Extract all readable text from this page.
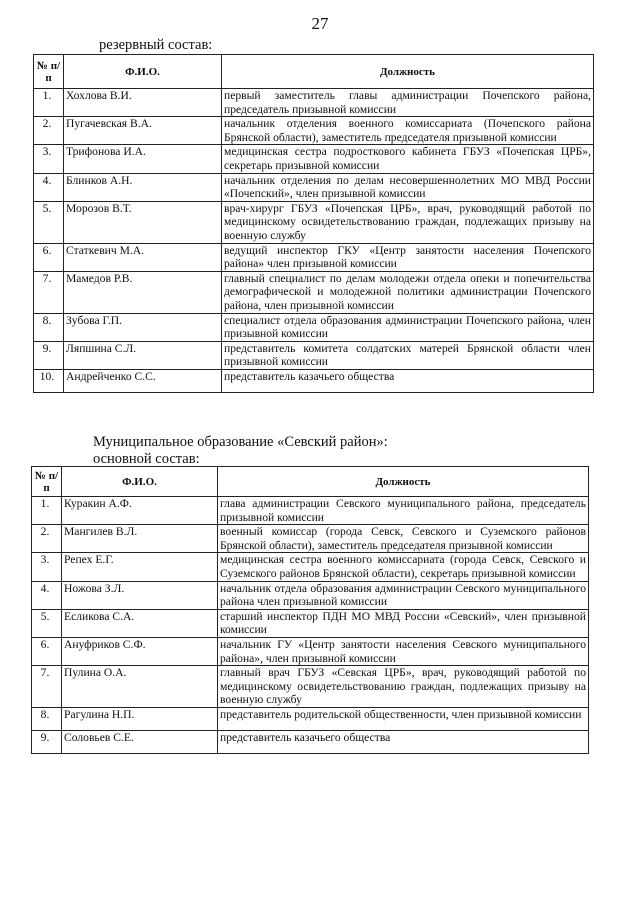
27
резервный состав:
№ п/п	Ф.И.О.	Должность
1.	Хохлова В.И.	первый заместитель главы администрации Почепского района, председатель призывной комиссии
2.	Пугачевская В.А.	начальник отделения военного комиссариата (Почепского района Брянской области), заместитель председателя призывной комиссии
3.	Трифонова И.А.	медицинская сестра подросткового кабинета ГБУЗ «Почепская ЦРБ», секретарь призывной комиссии
4.	Блинков А.Н.	начальник отделения по делам несовершеннолетних МО МВД России «Почепский», член призывной комиссии
5.	Морозов В.Т.	врач-хирург ГБУЗ «Почепская ЦРБ», врач, руководящий работой по медицинскому освидетельствованию граждан, подлежащих призыву на военную службу
6.	Статкевич М.А.	ведущий инспектор ГКУ «Центр занятости населения Почепского района» член призывной комиссии
7.	Мамедов Р.В.	главный специалист по делам молодежи отдела опеки и попечительства демографической и молодежной политики администрации Почепского района, член призывной комиссии
8.	Зубова Г.П.	специалист отдела образования администрации Почепского района, член призывной комиссии
9.	Ляпшина С.Л.	представитель комитета солдатских матерей Брянской области член призывной комиссии
10.	Андрейченко С.С.	представитель казачьего общества
Муниципальное образование «Севский район»:
основной состав:
№ п/п	Ф.И.О.	Должность
1.	Куракин А.Ф.	глава администрации Севского муниципального района, председатель призывной комиссии
2.	Мангилев В.Л.	военный комиссар (города Севск, Севского и Суземского районов Брянской области), заместитель председателя призывной комиссии
3.	Репех Е.Г.	медицинская сестра военного комиссариата (города Севск, Севского и Суземского районов Брянской области), секретарь призывной комиссии
4.	Ножова З.Л.	начальник отдела образования администрации Севского муниципального района член призывной комиссии
5.	Есликова С.А.	старший инспектор ПДН МО МВД России «Севский», член призывной комиссии
6.	Ануфриков С.Ф.	начальник ГУ «Центр занятости населения Севского муниципального района», член призывной комиссии
7.	Пулина О.А.	главный врач ГБУЗ «Севская ЦРБ», врач, руководящий работой по медицинскому освидетельствованию граждан, подлежащих призыву на военную службу
8.	Рагулина Н.П.	представитель родительской общественности, член призывной комиссии
9.	Соловьев С.Е.	представитель казачьего общества
